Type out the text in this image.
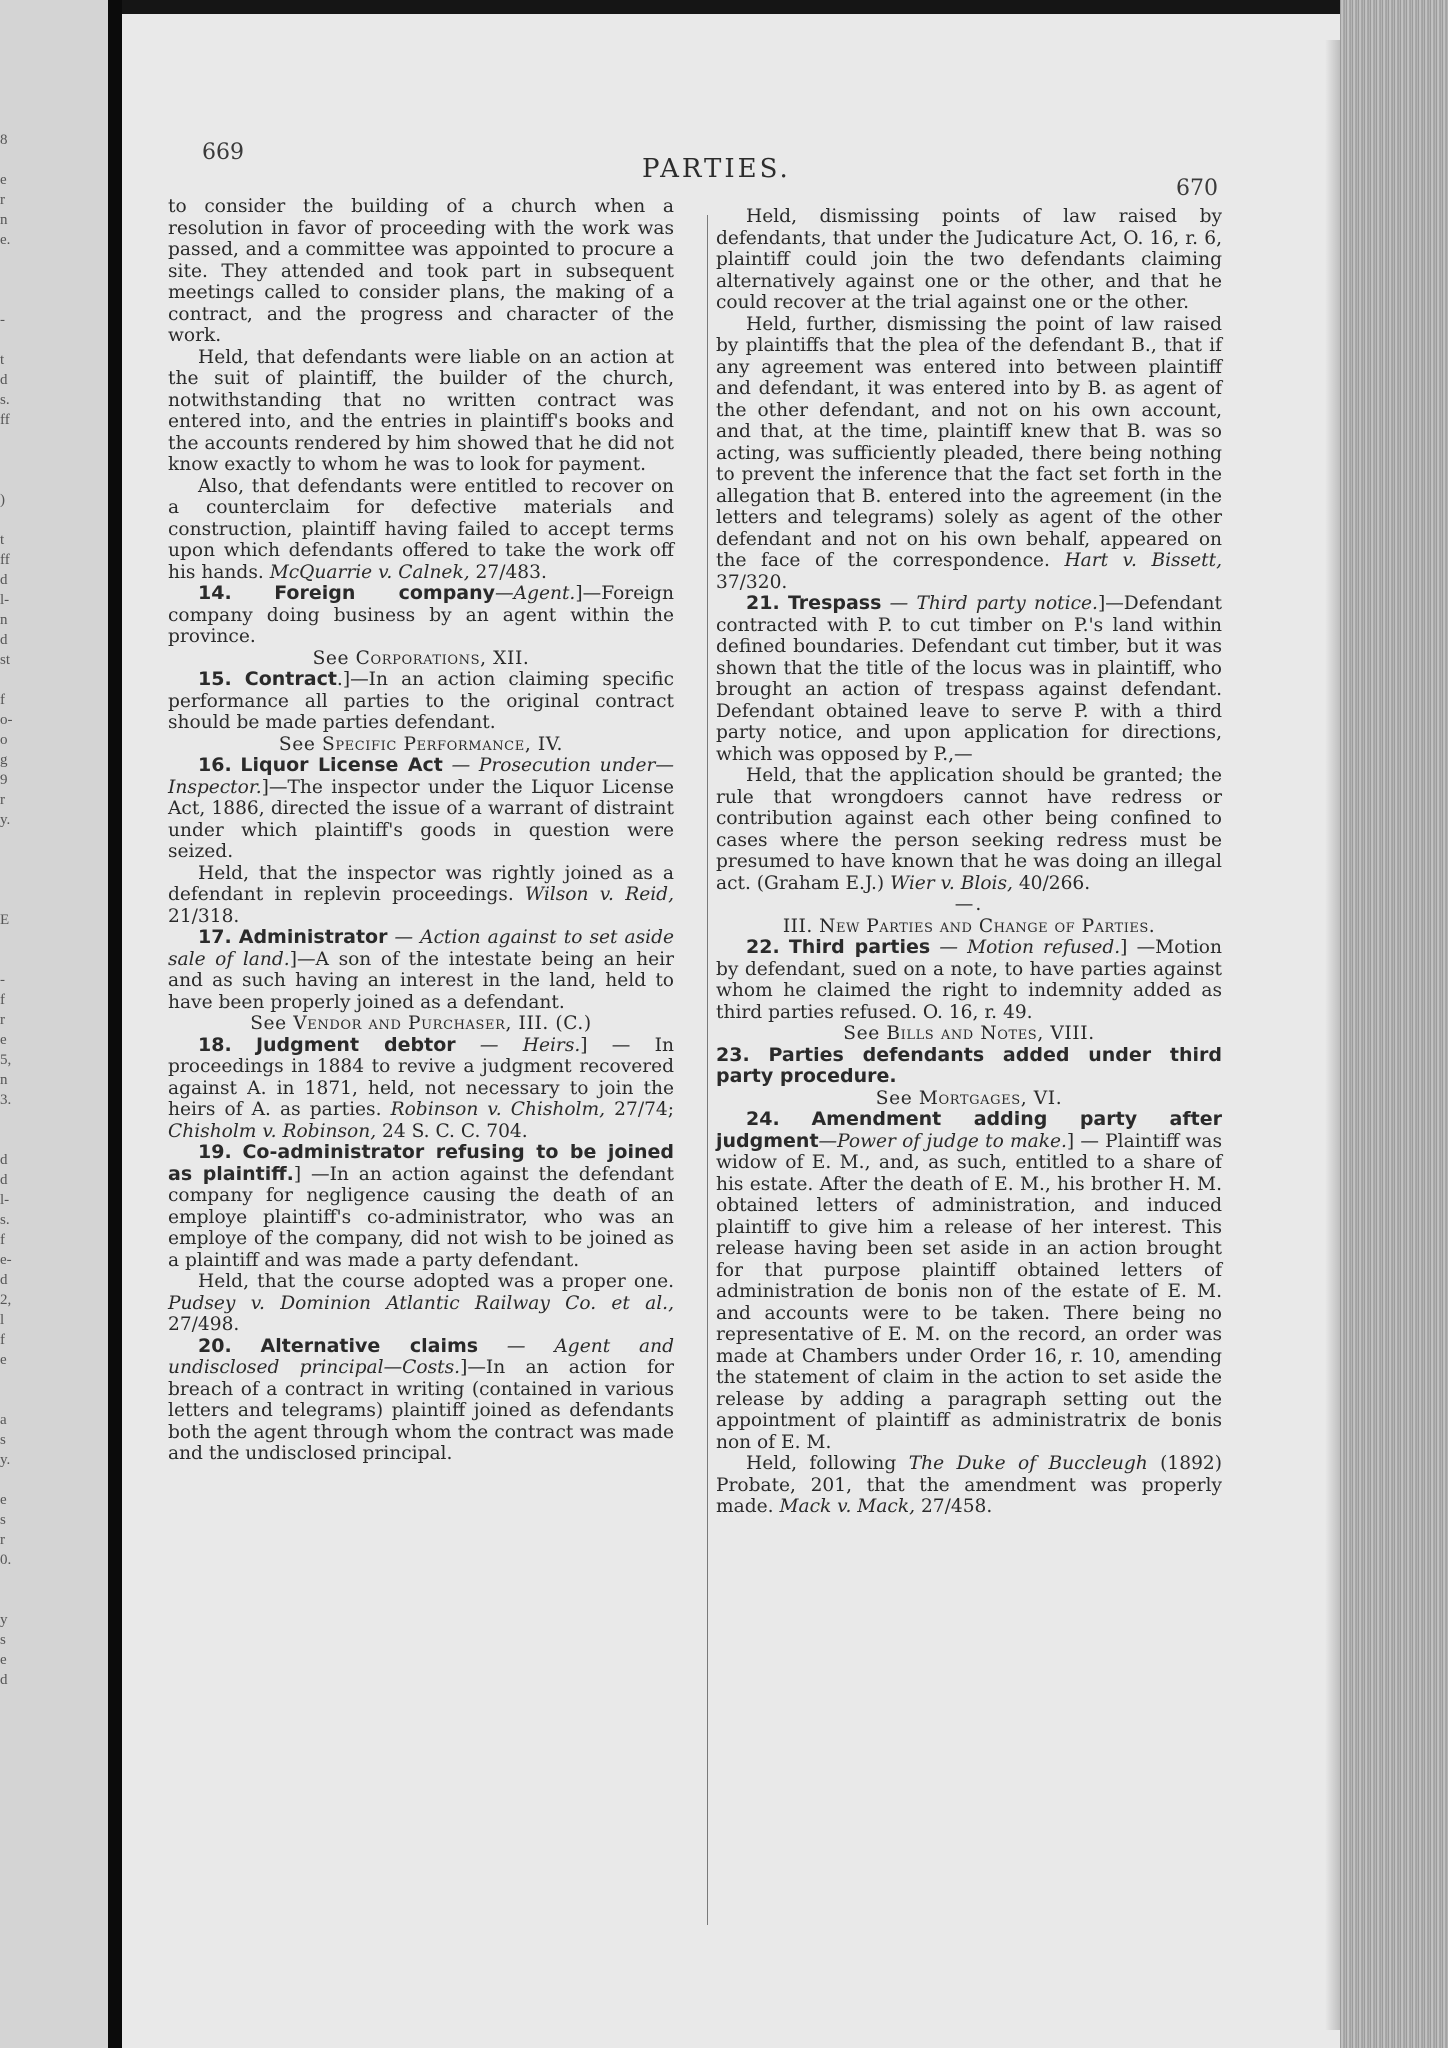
8
e
r
n
e.
-
t
d
s.
ff
)
t
ff
d
l-
n
d
st
f
o-
o
g
9
r
y.
E
-
f
r
e
5,
n
3.
d
d
l-
s.
f
e-
d
2,
l
f
e
a
s
y.
e
s
r
0.
y
s
e
d
669
PARTIES.
670

to consider the building of a church when a resolution in favor of proceeding with the work was passed, and a committee was appointed to procure a site. They attended and took part in subsequent meetings called to consider plans, the making of a contract, and the progress and character of the work.

Held, that defendants were liable on an action at the suit of plaintiff, the builder of the church, notwithstanding that no written contract was entered into, and the entries in plaintiff's books and the accounts rendered by him showed that he did not know exactly to whom he was to look for payment.

Also, that defendants were entitled to recover on a counterclaim for defective materials and construction, plaintiff having failed to accept terms upon which defendants offered to take the work off his hands. McQuarrie v. Calnek, 27/483.

14. Foreign company—Agent.]—Foreign company doing business by an agent within the province.

See Corporations, XII.

15. Contract.]—In an action claiming specific performance all parties to the original contract should be made parties defendant.

See Specific Performance, IV.

16. Liquor License Act — Prosecution under—Inspector.]—The inspector under the Liquor License Act, 1886, directed the issue of a warrant of distraint under which plaintiff's goods in question were seized.

Held, that the inspector was rightly joined as a defendant in replevin proceedings. Wilson v. Reid, 21/318.

17. Administrator — Action against to set aside sale of land.]—A son of the intestate being an heir and as such having an interest in the land, held to have been properly joined as a defendant.

See Vendor and Purchaser, III. (C.)

18. Judgment debtor — Heirs.] — In proceedings in 1884 to revive a judgment recovered against A. in 1871, held, not necessary to join the heirs of A. as parties. Robinson v. Chisholm, 27/74; Chisholm v. Robinson, 24 S. C. C. 704.

19. Co-administrator refusing to be joined as plaintiff.] —In an action against the defendant company for negligence causing the death of an employe plaintiff's co-administrator, who was an employe of the company, did not wish to be joined as a plaintiff and was made a party defendant.

Held, that the course adopted was a proper one. Pudsey v. Dominion Atlantic Railway Co. et al., 27/498.

20. Alternative claims — Agent and undisclosed principal—Costs.]—In an action for breach of a contract in writing (contained in various letters and telegrams) plaintiff joined as defendants both the agent through whom the contract was made and the undisclosed principal.

Held, dismissing points of law raised by defendants, that under the Judicature Act, O. 16, r. 6, plaintiff could join the two defendants claiming alternatively against one or the other, and that he could recover at the trial against one or the other.

Held, further, dismissing the point of law raised by plaintiffs that the plea of the defendant B., that if any agreement was entered into between plaintiff and defendant, it was entered into by B. as agent of the other defendant, and not on his own account, and that, at the time, plaintiff knew that B. was so acting, was sufficiently pleaded, there being nothing to prevent the inference that the fact set forth in the allegation that B. entered into the agreement (in the letters and telegrams) solely as agent of the other defendant and not on his own behalf, appeared on the face of the correspondence. Hart v. Bissett, 37/320.

21. Trespass — Third party notice.]—Defendant contracted with P. to cut timber on P.'s land within defined boundaries. Defendant cut timber, but it was shown that the title of the locus was in plaintiff, who brought an action of trespass against defendant. Defendant obtained leave to serve P. with a third party notice, and upon application for directions, which was opposed by P.,—

Held, that the application should be granted; the rule that wrongdoers cannot have redress or contribution against each other being confined to cases where the person seeking redress must be presumed to have known that he was doing an illegal act. (Graham E.J.) Wier v. Blois, 40/266.

—.

III. New Parties and Change of Parties.

22. Third parties — Motion refused.] —Motion by defendant, sued on a note, to have parties against whom he claimed the right to indemnity added as third parties refused. O. 16, r. 49.

See Bills and Notes, VIII.

23. Parties defendants added under third party procedure.

See Mortgages, VI.

24. Amendment adding party after judgment—Power of judge to make.] — Plaintiff was widow of E. M., and, as such, entitled to a share of his estate. After the death of E. M., his brother H. M. obtained letters of administration, and induced plaintiff to give him a release of her interest. This release having been set aside in an action brought for that purpose plaintiff obtained letters of administration de bonis non of the estate of E. M. and accounts were to be taken. There being no representative of E. M. on the record, an order was made at Chambers under Order 16, r. 10, amending the statement of claim in the action to set aside the release by adding a paragraph setting out the appointment of plaintiff as administratrix de bonis non of E. M.

Held, following The Duke of Buccleugh (1892) Probate, 201, that the amendment was properly made. Mack v. Mack, 27/458.
